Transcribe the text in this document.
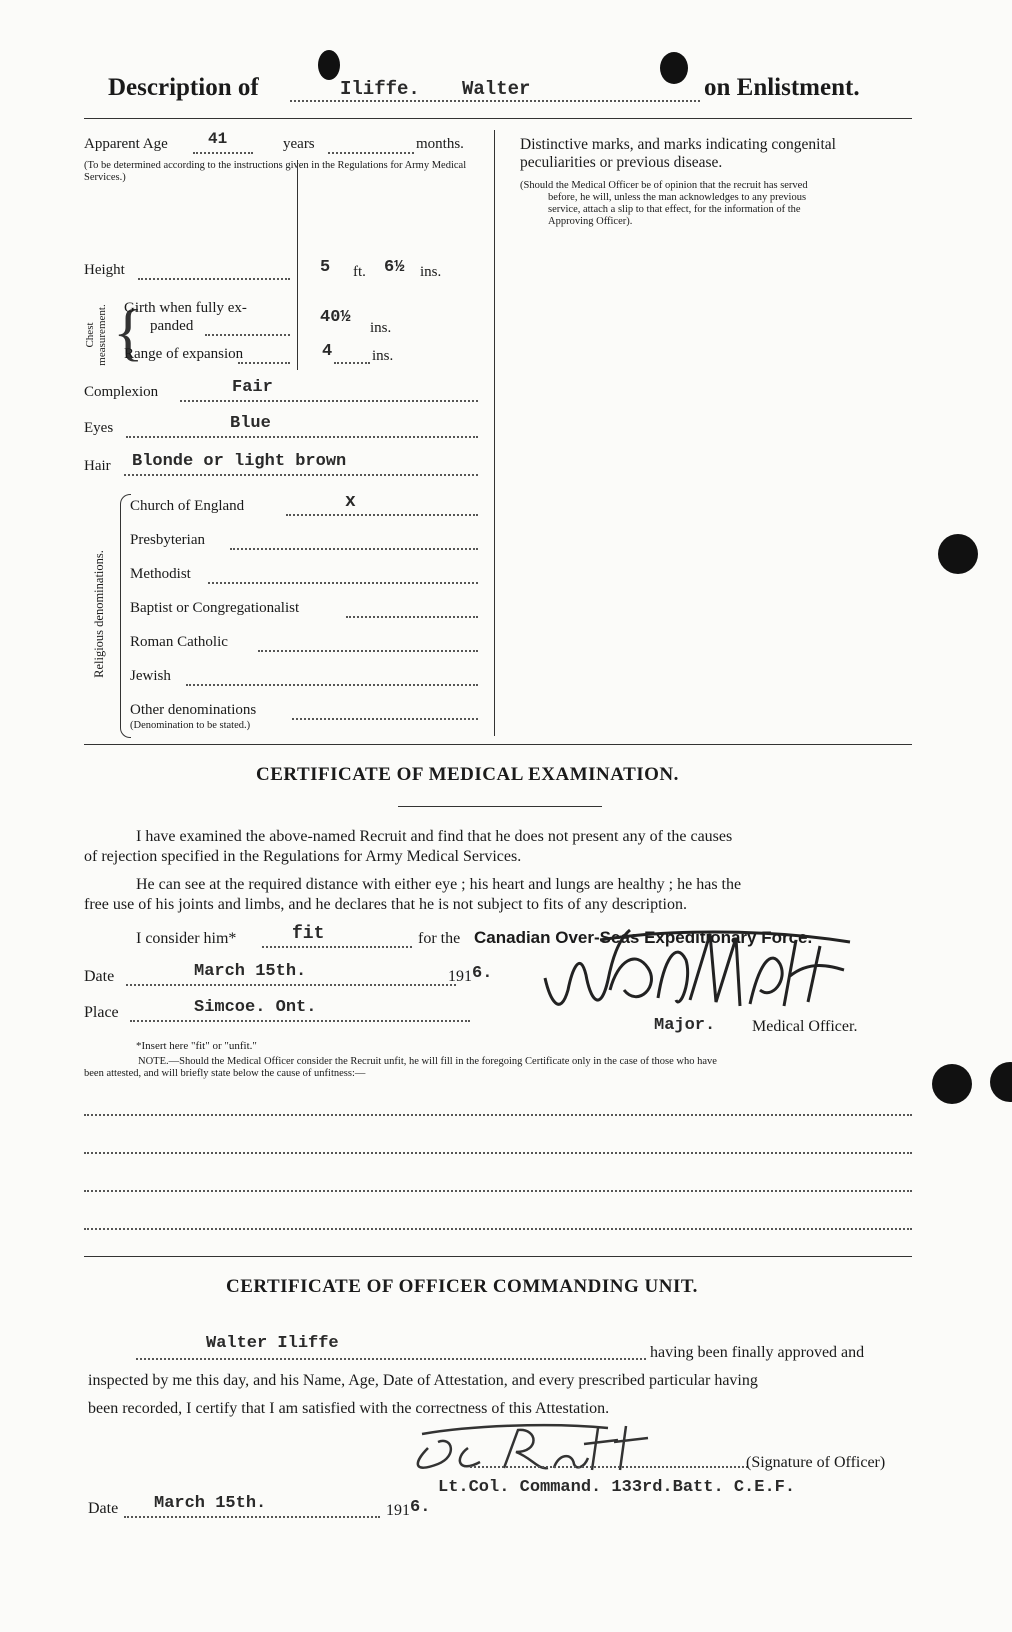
Description of	Iliffe. Walter	on Enlistment.
Apparent Age	41	years	months.
(To be determined according to the instructions given in the Regulations for Army Medical Services.)
Height	5 ft. 6½ ins.
Chest measurement. {
Girth when fully ex-
panded	40½
ins.
Range of expansion	4	ins.
Complexion	Fair
Eyes	Blue
Hair Blonde or light brown
Religious denominations.
Church of England	x
Presbyterian
Methodist
Baptist or Congregationalist
Roman Catholic
Jewish
Other denominations
(Denomination to be stated.)
Distinctive marks, and marks indicating congenital
peculiarities or previous disease.
(Should the Medical Officer be of opinion that the recruit has served
before, he will, unless the man acknowledges to any previous
service, attach a slip to that effect, for the information of the
Approving Officer).
CERTIFICATE OF MEDICAL EXAMINATION.
I have examined the above-named Recruit and find that he does not present any of the causes
of rejection specified in the Regulations for Army Medical Services.
He can see at the required distance with either eye ; his heart and lungs are healthy ; he has the
free use of his joints and limbs, and he declares that he is not subject to fits of any description.
I consider him*	fit	for the Canadian Over-Seas Expeditionary Force.
Date	March 15th.	191 6.
Place	Simcoe. Ont.
*Insert here "fit" or "unfit."
Major. Medical Officer.
NOTE.—Should the Medical Officer consider the Recruit unfit, he will fill in the foregoing Certificate only in the case of those who have
been attested, and will briefly state below the cause of unfitness:—
CERTIFICATE OF OFFICER COMMANDING UNIT.
Walter Iliffe	having been finally approved and
inspected by me this day, and his Name, Age, Date of Attestation, and every prescribed particular having
been recorded, I certify that I am satisfied with the correctness of this Attestation.
(Signature of Officer)
Lt.Col. Command. 133rd.Batt. C.E.F.
Date March 15th.	191 6.
